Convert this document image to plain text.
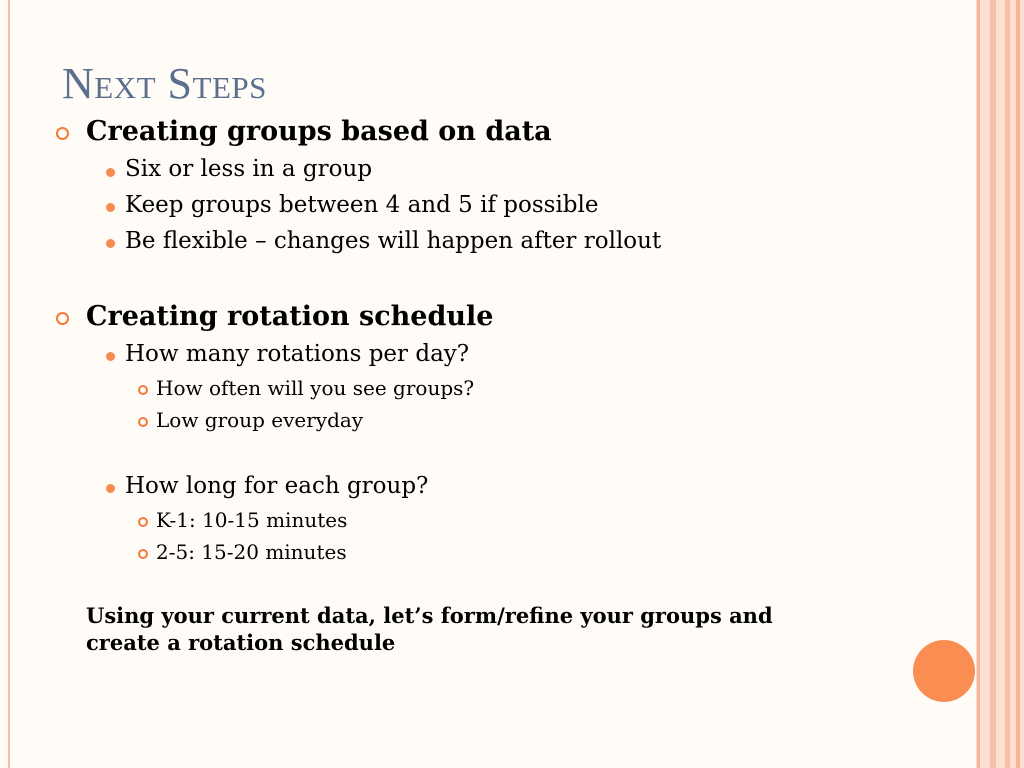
Next Steps
Creating groups based on data
Six or less in a group
Keep groups between 4 and 5 if possible
Be flexible – changes will happen after rollout
Creating rotation schedule
How many rotations per day?
How often will you see groups?
Low group everyday
How long for each group?
K-1: 10-15 minutes
2-5: 15-20 minutes
Using your current data, let’s form/refine your groups and create a rotation schedule
